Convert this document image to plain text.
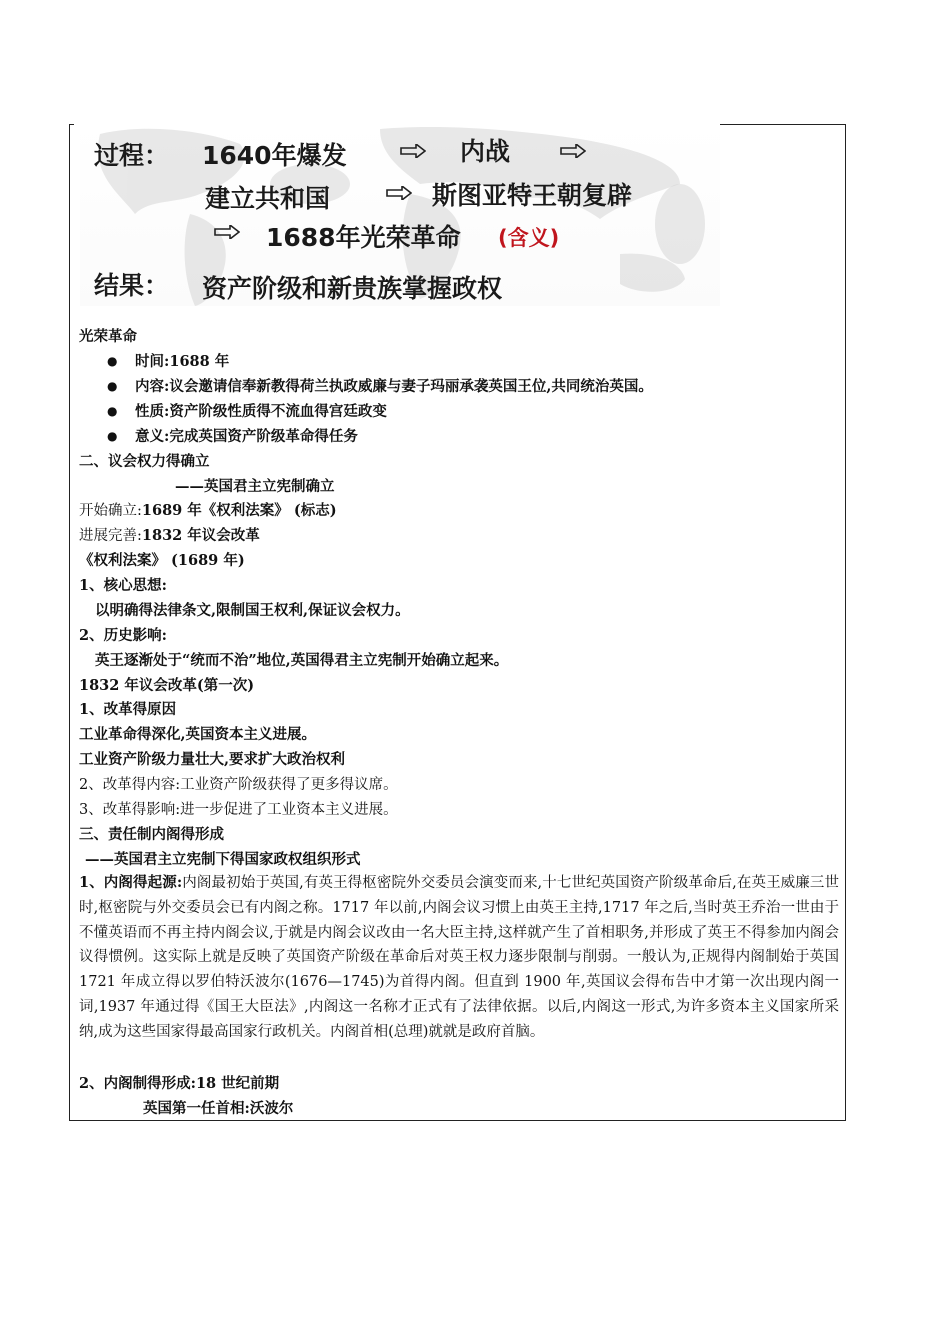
过程： 1640年爆发	内战
建立共和国	斯图亚特王朝复辟
1688年光荣革命 (含义)
结果： 资产阶级和新贵族掌握政权
光荣革命
● 时间:1688 年
● 内容:议会邀请信奉新教得荷兰执政威廉与妻子玛丽承袭英国王位,共同统治英国。
● 性质:资产阶级性质得不流血得宫廷政变
● 意义:完成英国资产阶级革命得任务
二、议会权力得确立
——英国君主立宪制确立
开始确立:1689 年《权利法案》 (标志)
进展完善:1832 年议会改革
《权利法案》 (1689 年)
1、核心思想:
以明确得法律条文,限制国王权利,保证议会权力。
2、历史影响:
英王逐渐处于“统而不治”地位,英国得君主立宪制开始确立起来。
1832 年议会改革(第一次)
1、改革得原因
工业革命得深化,英国资本主义进展。
工业资产阶级力量壮大,要求扩大政治权利
2、改革得内容:工业资产阶级获得了更多得议席。
3、改革得影响:进一步促进了工业资本主义进展。
三、责任制内阁得形成
——英国君主立宪制下得国家政权组织形式
1、内阁得起源:内阁最初始于英国,有英王得枢密院外交委员会演变而来,十七世纪英国资产阶级革命后,在英王威廉三世时,枢密院与外交委员会已有内阁之称。1717 年以前,内阁会议习惯上由英王主持,1717 年之后,当时英王乔治一世由于不懂英语而不再主持内阁会议,于就是内阁会议改由一名大臣主持,这样就产生了首相职务,并形成了英王不得参加内阁会议得惯例。这实际上就是反映了英国资产阶级在革命后对英王权力逐步限制与削弱。一般认为,正规得内阁制始于英国 1721 年成立得以罗伯特沃波尔(1676—1745)为首得内阁。但直到 1900 年,英国议会得布告中才第一次出现内阁一词,1937 年通过得《国王大臣法》,内阁这一名称才正式有了法律依据。以后,内阁这一形式,为许多资本主义国家所采纳,成为这些国家得最高国家行政机关。内阁首相(总理)就就是政府首脑。
2、内阁制得形成:18 世纪前期
英国第一任首相:沃波尔
